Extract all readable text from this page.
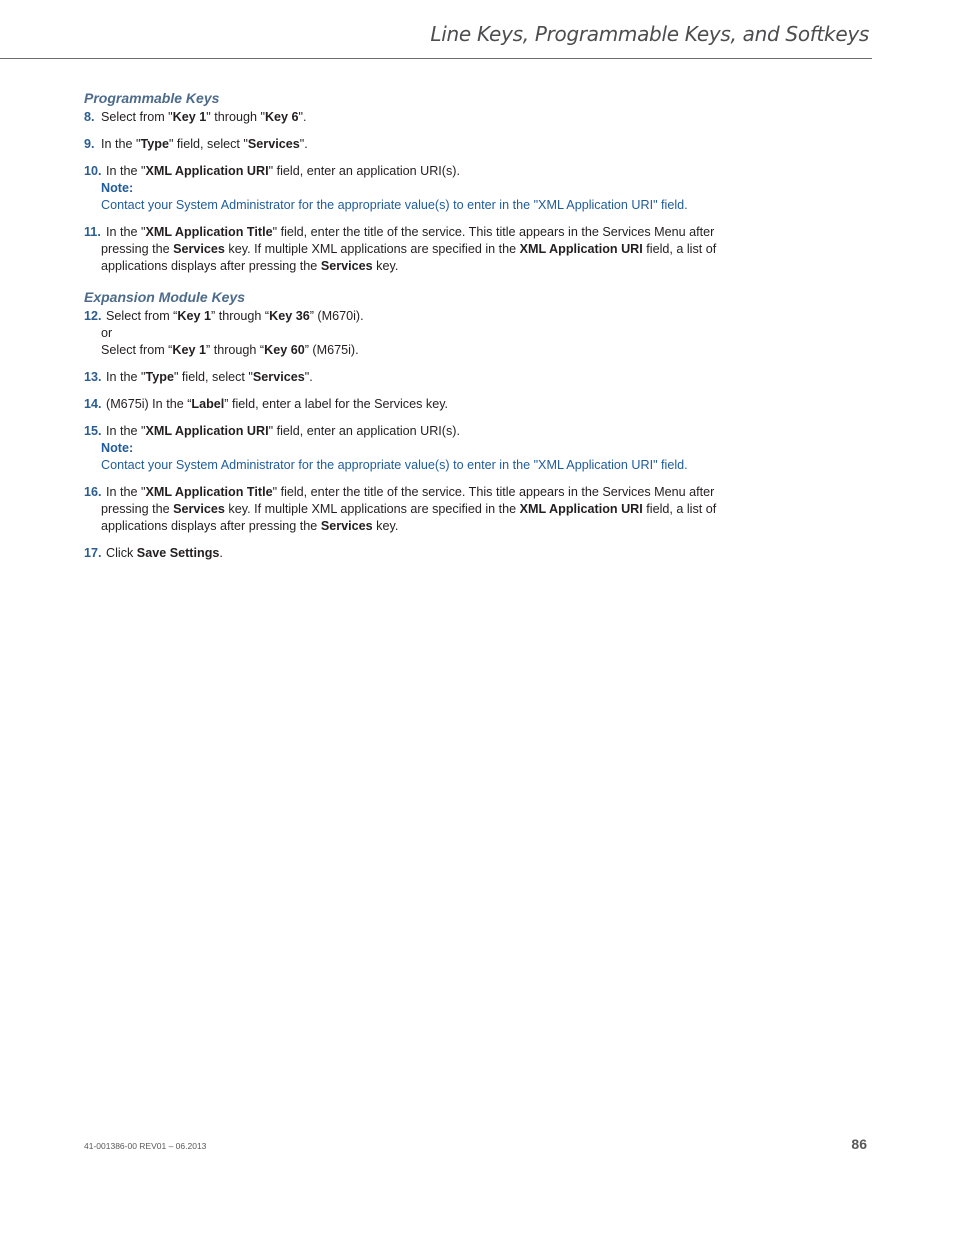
Line Keys, Programmable Keys, and Softkeys
Programmable Keys
8. Select from "Key 1" through "Key 6".
9. In the "Type" field, select "Services".
10. In the "XML Application URI" field, enter an application URI(s).
Note:
Contact your System Administrator for the appropriate value(s) to enter in the "XML Application URI" field.
11. In the "XML Application Title" field, enter the title of the service. This title appears in the Services Menu after
pressing the Services key. If multiple XML applications are specified in the XML Application URI field, a list of
applications displays after pressing the Services key.
Expansion Module Keys
12. Select from “Key 1” through “Key 36” (M670i).
or
Select from “Key 1” through “Key 60” (M675i).
13. In the "Type" field, select "Services".
14. (M675i) In the “Label” field, enter a label for the Services key.
15. In the "XML Application URI" field, enter an application URI(s).
Note:
Contact your System Administrator for the appropriate value(s) to enter in the "XML Application URI" field.
16. In the "XML Application Title" field, enter the title of the service. This title appears in the Services Menu after
pressing the Services key. If multiple XML applications are specified in the XML Application URI field, a list of
applications displays after pressing the Services key.
17. Click Save Settings.
41-001386-00 REV01 – 06.2013	86
